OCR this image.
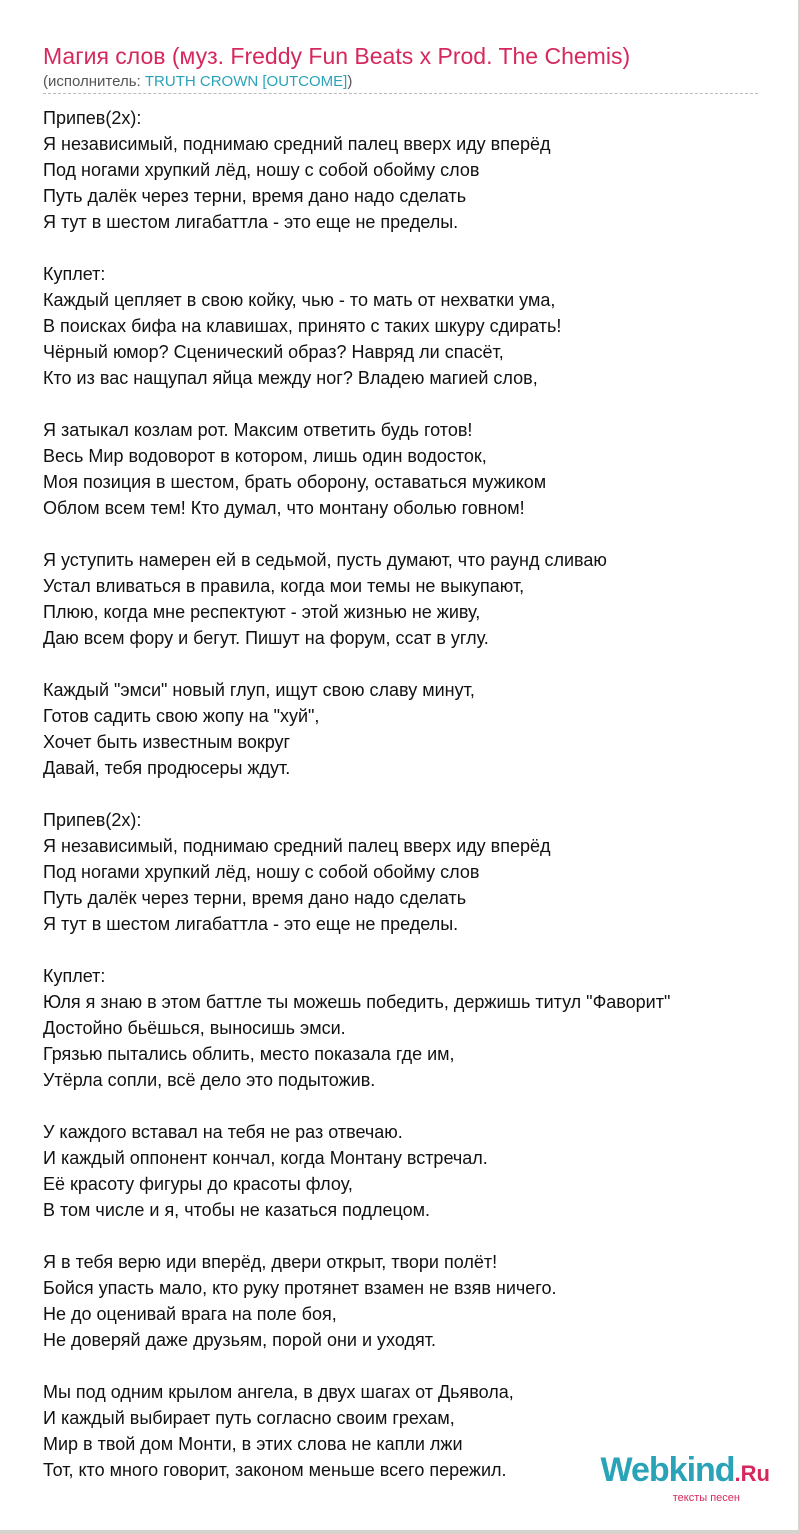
Магия слов (муз. Freddy Fun Beats x Prod. The Chemis)
(исполнитель: TRUTH CROWN [OUTCOME])
Припев(2x):
Я независимый, поднимаю средний палец вверх иду вперёд
Под ногами хрупкий лёд, ношу с собой обойму слов
Путь далёк через терни, время дано надо сделать
Я тут в шестом лигабаттла - это еще не пределы.
Куплет:
Каждый цепляет в свою койку, чью - то мать от нехватки ума,
В поисках бифа на клавишах, принято с таких шкуру сдирать!
Чёрный юмор? Сценический образ? Навряд ли спасёт,
Кто из вас нащупал яйца между ног? Владею магией слов,
Я затыкал козлам рот. Максим ответить будь готов!
Весь Мир водоворот в котором, лишь один водосток,
Моя позиция в шестом, брать оборону, оставаться мужиком
Облом всем тем! Кто думал, что монтану оболью говном!
Я уступить намерен ей в седьмой, пусть думают, что раунд сливаю
Устал вливаться в правила, когда мои темы не выкупают,
Плюю, когда мне респектуют - этой жизнью не живу,
Даю всем фору и бегут. Пишут на форум, ссат в углу.
Каждый "эмси" новый глуп, ищут свою славу минут,
Готов садить свою жопу на "хуй",
Хочет быть известным вокруг
Давай, тебя продюсеры ждут.
Припев(2x):
Я независимый, поднимаю средний палец вверх иду вперёд
Под ногами хрупкий лёд, ношу с собой обойму слов
Путь далёк через терни, время дано надо сделать
Я тут в шестом лигабаттла - это еще не пределы.
Куплет:
Юля я знаю в этом баттле ты можешь победить, держишь титул "Фаворит"
Достойно бьёшься, выносишь эмси.
Грязью пытались облить, место показала где им,
Утёрла сопли, всё дело это подытожив.
У каждого вставал на тебя не раз отвечаю.
И каждый оппонент кончал, когда Монтану встречал.
Её красоту фигуры до красоты флоу,
В том числе и я, чтобы не казаться подлецом.
Я в тебя верю иди вперёд, двери открыт, твори полёт!
Бойся упасть мало, кто руку протянет взамен не взяв ничего.
Не до оценивай врага на поле боя,
Не доверяй даже друзьям, порой они и уходят.
Мы под одним крылом ангела, в двух шагах от Дьявола,
И каждый выбирает путь согласно своим грехам,
Мир в твой дом Монти, в этих слова не капли лжи
Тот, кто много говорит, законом меньше всего пережил.	Webkind.Ru
тексты песен
